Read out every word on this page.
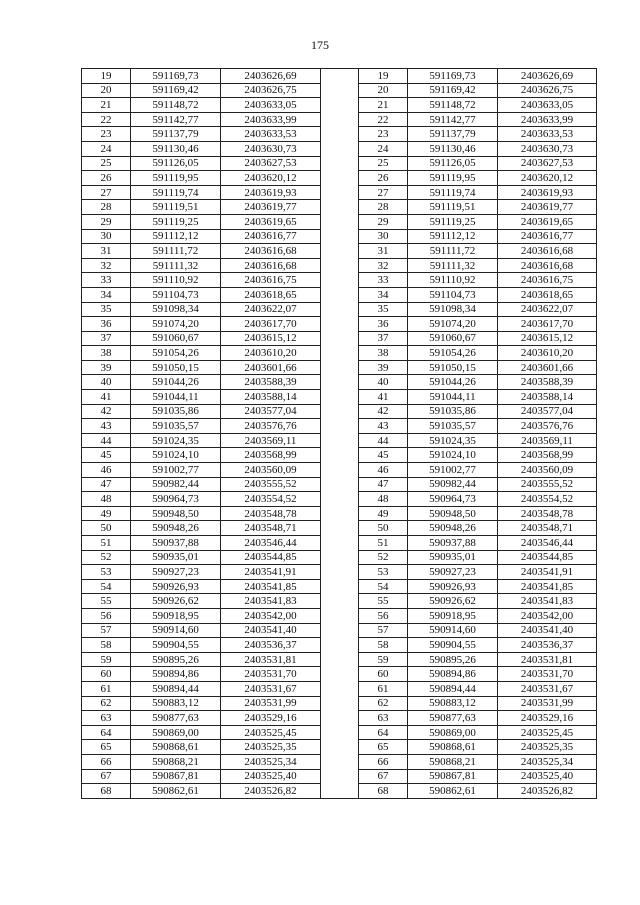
175
19	591169,73	2403626,69		19	591169,73	2403626,69
20	591169,42	2403626,75		20	591169,42	2403626,75
21	591148,72	2403633,05		21	591148,72	2403633,05
22	591142,77	2403633,99		22	591142,77	2403633,99
23	591137,79	2403633,53		23	591137,79	2403633,53
24	591130,46	2403630,73		24	591130,46	2403630,73
25	591126,05	2403627,53		25	591126,05	2403627,53
26	591119,95	2403620,12		26	591119,95	2403620,12
27	591119,74	2403619,93		27	591119,74	2403619,93
28	591119,51	2403619,77		28	591119,51	2403619,77
29	591119,25	2403619,65		29	591119,25	2403619,65
30	591112,12	2403616,77		30	591112,12	2403616,77
31	591111,72	2403616,68		31	591111,72	2403616,68
32	591111,32	2403616,68		32	591111,32	2403616,68
33	591110,92	2403616,75		33	591110,92	2403616,75
34	591104,73	2403618,65		34	591104,73	2403618,65
35	591098,34	2403622,07		35	591098,34	2403622,07
36	591074,20	2403617,70		36	591074,20	2403617,70
37	591060,67	2403615,12		37	591060,67	2403615,12
38	591054,26	2403610,20		38	591054,26	2403610,20
39	591050,15	2403601,66		39	591050,15	2403601,66
40	591044,26	2403588,39		40	591044,26	2403588,39
41	591044,11	2403588,14		41	591044,11	2403588,14
42	591035,86	2403577,04		42	591035,86	2403577,04
43	591035,57	2403576,76		43	591035,57	2403576,76
44	591024,35	2403569,11		44	591024,35	2403569,11
45	591024,10	2403568,99		45	591024,10	2403568,99
46	591002,77	2403560,09		46	591002,77	2403560,09
47	590982,44	2403555,52		47	590982,44	2403555,52
48	590964,73	2403554,52		48	590964,73	2403554,52
49	590948,50	2403548,78		49	590948,50	2403548,78
50	590948,26	2403548,71		50	590948,26	2403548,71
51	590937,88	2403546,44		51	590937,88	2403546,44
52	590935,01	2403544,85		52	590935,01	2403544,85
53	590927,23	2403541,91		53	590927,23	2403541,91
54	590926,93	2403541,85		54	590926,93	2403541,85
55	590926,62	2403541,83		55	590926,62	2403541,83
56	590918,95	2403542,00		56	590918,95	2403542,00
57	590914,60	2403541,40		57	590914,60	2403541,40
58	590904,55	2403536,37		58	590904,55	2403536,37
59	590895,26	2403531,81		59	590895,26	2403531,81
60	590894,86	2403531,70		60	590894,86	2403531,70
61	590894,44	2403531,67		61	590894,44	2403531,67
62	590883,12	2403531,99		62	590883,12	2403531,99
63	590877,63	2403529,16		63	590877,63	2403529,16
64	590869,00	2403525,45		64	590869,00	2403525,45
65	590868,61	2403525,35		65	590868,61	2403525,35
66	590868,21	2403525,34		66	590868,21	2403525,34
67	590867,81	2403525,40		67	590867,81	2403525,40
68	590862,61	2403526,82		68	590862,61	2403526,82
